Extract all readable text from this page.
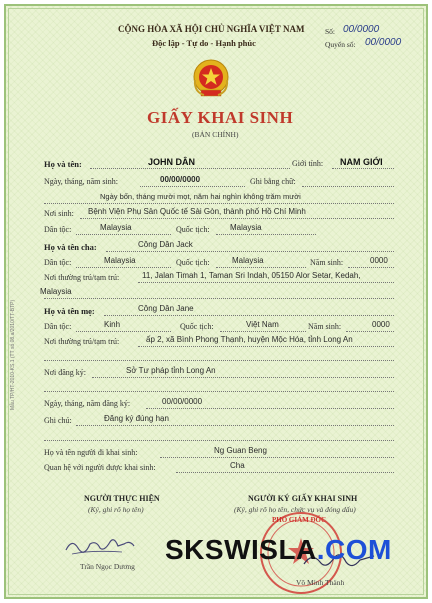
Mẫu TP/HT-2010-KS.1 (TT số 08.a/2010/TT-BTP)
CỘNG HÒA XÃ HỘI CHỦ NGHĨA VIỆT NAM
Độc lập - Tự do - Hạnh phúc
Số: 00/0000
Quyển số: 00/0000
GIẤY KHAI SINH
(BẢN CHÍNH)
Họ và tên:	JOHN DÂN	Giới tính: NAM GIỚI
Ngày, tháng, năm sinh:	00/00/0000	Ghi bằng chữ:
Ngày bốn, tháng mười mọt, năm hai nghìn không trăm mười
Nơi sinh: Bệnh Viện Phụ Sản Quốc tế Sài Gòn, thành phố Hồ Chí Minh
Dân tộc:	Malaysia	Quốc tịch:	Malaysia
Họ và tên cha:	Công Dân Jack
Dân tộc:	Malaysia	Quốc tịch:	Malaysia	Năm sinh:	0000
Nơi thường trú/tạm trú:	11, Jalan Timah 1, Taman Sri Indah, 05150 Alor Setar, Kedah,
Malaysia
Họ và tên mẹ:	Công Dân Jane
Dân tộc:	Kinh	Quốc tịch:	Việt Nam	Năm sinh:	0000
Nơi thường trú/tạm trú:	ấp 2, xã Bình Phong Thạnh, huyện Mộc Hóa, tỉnh Long An
Nơi đăng ký:	Sở Tư pháp tỉnh Long An
Ngày, tháng, năm đăng ký:	00/00/0000
Ghi chú:	Đăng ký đúng hạn
Họ và tên người đi khai sinh:	Ng Guan Beng
Quan hệ với người được khai sinh:	Cha
NGƯỜI THỰC HIỆN
(Ký, ghi rõ họ tên)
NGƯỜI KÝ GIẤY KHAI SINH
(Ký, ghi rõ họ tên, chức vụ và đóng dấu)
Trần Ngọc Dương
PHÓ GIÁM ĐỐC
Võ Minh Thành
SKSWISLA.COM
